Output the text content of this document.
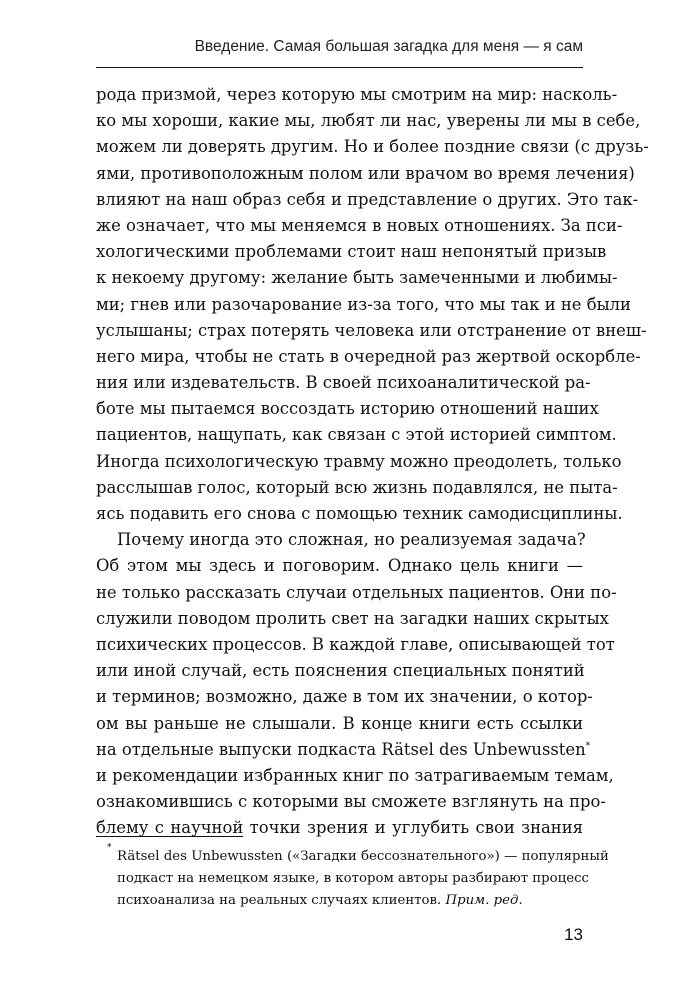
Введение. Самая большая загадка для меня — я сам
рода призмой, через которую мы смотрим на мир: насколь-
ко мы хороши, какие мы, любят ли нас, уверены ли мы в себе,
можем ли доверять другим. Но и более поздние связи (с друзь-
ями, противоположным полом или врачом во время лечения)
влияют на наш образ себя и представление о других. Это так-
же означает, что мы меняемся в новых отношениях. За пси-
хологическими проблемами стоит наш непонятый призыв
к некоему другому: желание быть замеченными и любимы-
ми; гнев или разочарование из-за того, что мы так и не были
услышаны; страх потерять человека или отстранение от внеш-
него мира, чтобы не стать в очередной раз жертвой оскорбле-
ния или издевательств. В своей психоаналитической ра-
боте мы пытаемся воссоздать историю отношений наших
пациентов, нащупать, как связан с этой историей симптом.
Иногда психологическую травму можно преодолеть, только
расслышав голос, который всю жизнь подавлялся, не пыта-
ясь подавить его снова с помощью техник самодисциплины.
Почему иногда это сложная, но реализуемая задача?
Об этом мы здесь и поговорим. Однако цель книги —
не только рассказать случаи отдельных пациентов. Они по-
служили поводом пролить свет на загадки наших скрытых
психических процессов. В каждой главе, описывающей тот
или иной случай, есть пояснения специальных понятий
и терминов; возможно, даже в том их значении, о котор-
ом вы раньше не слышали. В конце книги есть ссылки
на отдельные выпуски подкаста Rätsel des Unbewussten*
и рекомендации избранных книг по затрагиваемым темам,
ознакомившись с которыми вы сможете взглянуть на про-
блему с научной точки зрения и углубить свои знания
*
Rätsel des Unbewussten («Загадки бессознательного») — популярный
подкаст на немецком языке, в котором авторы разбирают процесс
психоанализа на реальных случаях клиентов. Прим. ред.
13
